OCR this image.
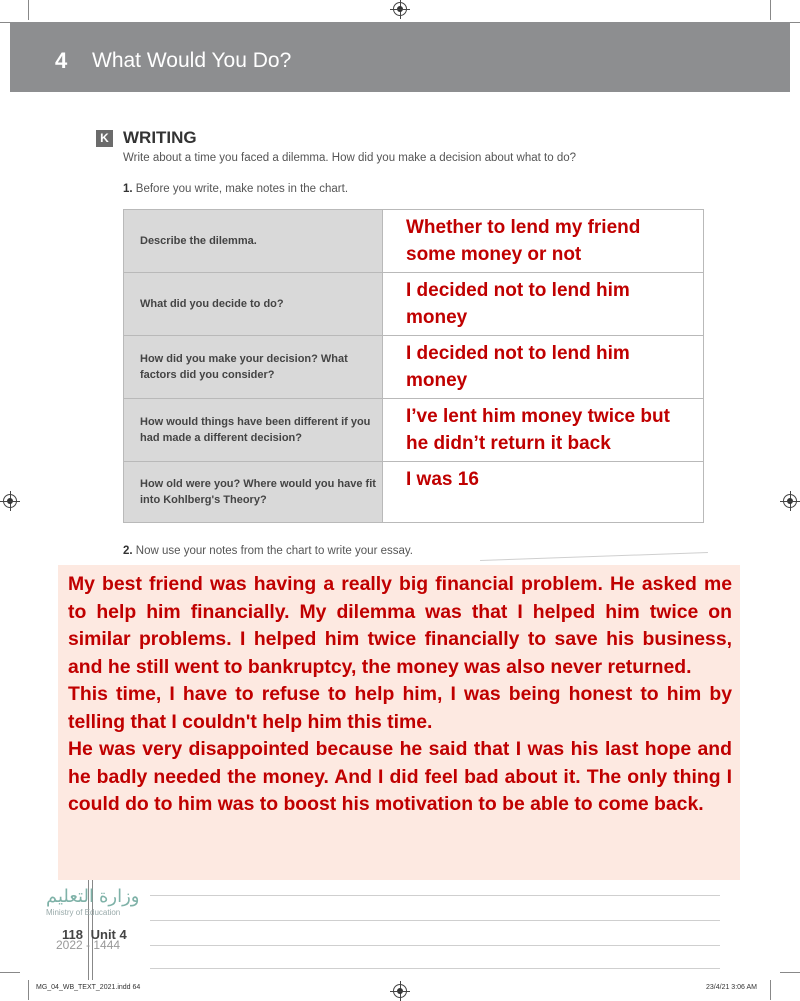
4 What Would You Do?
K WRITING
Write about a time you faced a dilemma. How did you make a decision about what to do?
1. Before you write, make notes in the chart.
Describe the dilemma.	Whether to lend my friend some money or not
What did you decide to do?	I decided not to lend him money
How did you make your decision? What factors did you consider?	I decided not to lend him money
How would things have been different if you had made a different decision?	I’ve lent him money twice but he didn’t return it back
How old were you? Where would you have fit into Kohlberg's Theory?	I was 16
2. Now use your notes from the chart to write your essay.

My best friend was having a really big financial problem. He asked me to help him financially. My dilemma was that I helped him twice on similar problems. I helped him twice financially to save his business, and he still went to bankruptcy, the money was also never returned.

This time, I have to refuse to help him, I was being honest to him by telling that I couldn't help him this time.

He was very disappointed because he said that I was his last hope and he badly needed the money. And I did feel bad about it. The only thing I could do to him was to boost his motivation to be able to come back.

وزارة التعليم
Ministry of Education
2022 - 1444
118 Unit 4
MG_04_WB_TEXT_2021.indd 64	23/4/21 3:06 AM
